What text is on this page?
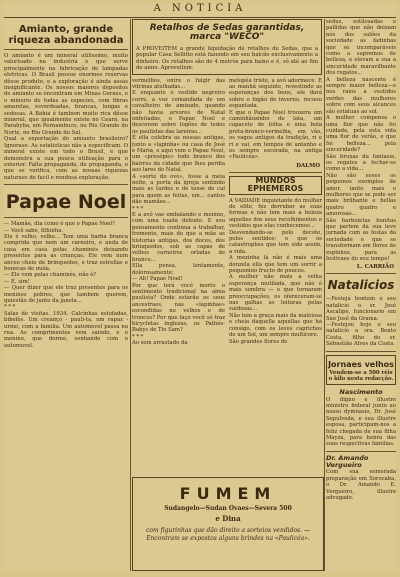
A NOTICIA
Amianto, grande riqueza abandonada

O amianto é um mineral utilissimo, muito valorisado na industria e que serve principalmente na fabricação de lampadas eletricas. O Brasil possue enormes reservas dêsse produto, e a exploração é ainda assás insignificante. Os nossos maiores depositos de amianto se encontram em Minas Geraes, e o minerio de todas as especies, com fibras amarelas, esverdeadas, brancas, longas e sedosas. A Bahia é tambem muito rica dêsse mineral, que igualmente existe no Ceará, na Parahyba, em Pernambuco, no Rio Grande do Norte, no Rio Grande do Sul.
Qual a exportação do amianto brasileiro? Ignorase. As estatisticas não a especificam. O mineral existe em todo o Brasil, e que demonstra a sua pouca utilisação para o exterior. Falta propaganda, de propaganda, o que se verifica, com as nossas riquezas naturaes de facil e rendosa exploração.

Papae Noel

— Mamãe, dia como é que o Papae Noel?
— Você sabe, filhinha.
Ele é velho, velho... Tem uma barba branca comprida que nem um carneiro, e anda de casa em casa pelas chaminés deixando presentes para as crianças. Ele vem num anceo cheio de brinquedos, e traz estrellas e bonecas de mola.
— Ele vem pelas chaminés, não é?
— É, sim!
— Quer dizer que ele traz presentes para os meninos pobres, que tambem querem, quiestão de junto da janela...
* * *
Salas de visitas. 1934. Calcinhas estofadas, bibelôs. Um creanço - pauli-ta, um rapaz - urino, com a familia. Um automovel passa na rua. As comprimentos vem saindo, e o menino, que dorme, sonhando com o automovel.

Retalhos de Sedas garantidas, marca "WECO"

A PROVEITEM a grande liquidação de retalhos de Sedas, que a popular Casa Sellitto está fazendo em seu balcão exclusivamente a dinheiro. Os retalhos são de 4 metros para baixo e é, só até ao fim do anno. Aproveitem.

vermelhos, entre o fulgir das vitrinas atulhadas...
E enquanto o vestido negreiro corre, a voz comandada de um cavalheiro de amizade, quando não havia arvores de Natal enfeitadas, o Papae Noel e descerem sobre fogões de todos os paulistas das lareiras...
É ella celebra as nossas antigas, junto a «lapinha» ou casa de José e Maria, e aqui vem o Papae Noel, um «presépio» todo branco dos bairros da cidade que lhes perdia aos lares do Natal.
A «sorte do ovo», fosse a meia noite, a porta da igreja sentindo mais as tardes e de tosse de cal para quem as feitas, em... cantos dão mamães...
* * *
E a avó vae embalando e menino, com uma toada dolente. E sou pensamento continua a trabalhar, fremente, mais do que a mãe as historias antigas, dos doces, dos brinquedos, sob as capas de velhos carneiros orladas de branco...
Ella pensa, lentamente, dolorosamente:
— Ah! Papae Noel!
Por que terá você morto o sentimento tradicional na alma paulista? Onde estarão os seus ancestraes, nas «lapinhas» escondidas no velhos e de troncos? Por que faço você só traz bicycletas inglezas, os Pathés-Babys de Tio Sam?
* * *
Ao som arrastado da

melopéa triste, a avó adormece. E ao manhã seguinte, revestindo as esperanças dos bons, ele dará sobre o fogão de inverno, recuou espantada.
E que o Papae Noel trouxera um caminhãozinho de lata, um capacete de folha e uma bola preta-branco-vermelha, em vão, os vagos antigos da tradição, ri e ri e vai, em tempos de antanho e os sempre escorada, na antiga «Paulicéa».

DALMO
MUNDOS EPHEMEROS

A VAIDADE inquietante do mulher de elite, fez derrubar as suas formas e não tem mais a beleza aquelles dos seus recolhimentos e vestidos que elas conhecemos...
Desvendando-se pelo decote, pelos sentidos; e que os catastrophes que tem sido assim, a vida.
A mezinha lá não é mais uma donzela ella que tem um sorrir a pequenino fructo de poucos.
A mulher não mais a velha esperança mutilada, que não é mais sombra — e que tornaram preoccupações, os ofereceram-se nas galhas as leituras pelas vaidosas...
Não tem a graça mais da maleiosa e cheia daquella aquellas que há consigo, com os leves caprichos de um Sol, um sempre multicore.
São grandes flores de

FUMEM
Sudangelo—Sudan Ovaes—Severa 500
e Dina
com figurinhas que dão direito a sorteios vendidos. — Encontram se expostos alguns brindes na «Paulicéa».

seduz, estilosadas e pallidas que não deixam nós dos salões da sociedade as fadinhas que se incomparáveis como a supremos de belleza, e elevam a sua a sinceridade maravilhante dos regatos...
A belleza nascente é sempre maior belleza—e nos raios a vestidos verdes das mulheres sobre com seus alcances são estatuas ao sol.
A mulher compensa o uma flor que não foi cuidada, pela esta vida uma flor de verão, e que foi belleza... pela sinceridade?
São bruxas da fantasia, os regatos a fechar-se como a vida...
Não são esses os pequenos exemplos de amor, tanto mais o mulheres que se pode ser mais brilhante e bellas quatro quatro e amorosas...
São barboletas bonitas que partem da sua leve jornada com as festas da sociedade e que se transformam em flores de espinhos, para as festivaes do seu tempo!

L. CARRIÃO
Natalicios

—Festeja hontem o seu natalicio o sr. José Ascalipe, funcionario em Sao José da Grama.
—Festejou hoje o seu natalicio a sra. Bento Costa, filho do sr. Sebastião Alves da Costa.

Jornaes velhos

Vendem-se a 500 réis o kilo nesta redacção.

Nascimento

O digno e illustre ministro federal junto ao nosso dymnasio, Dr. José Sepulveda, e sua illustre esposa, participam-nos a feliz chegada de sua filha Mayza, para honra das suas respectivas familias.

Dr. Amando Vergueiro

Com sua esmerada preparação em Sorocaba, o Dr. Amando E. Vergueiro, illustre advogado.
